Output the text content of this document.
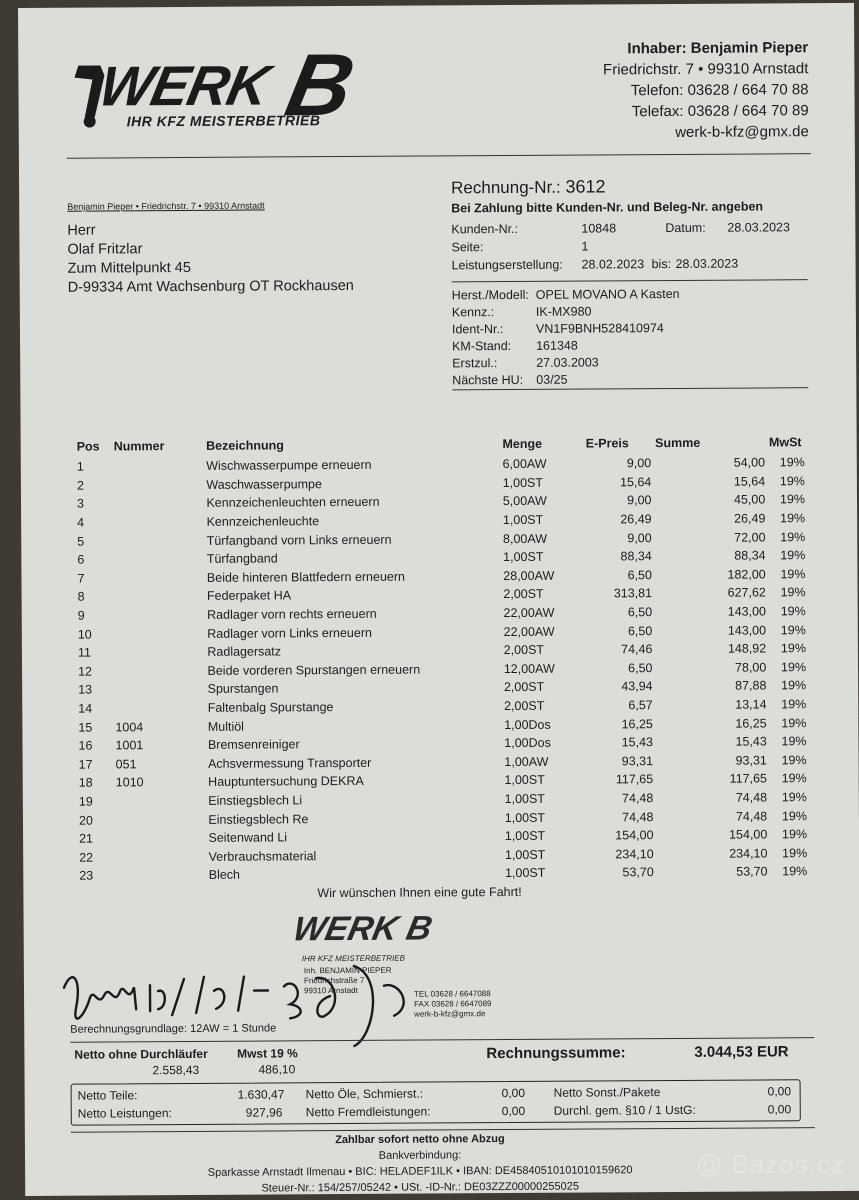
WERK B
IHR KFZ MEISTERBETRIEB
Inhaber: Benjamin Pieper
Friedrichstr. 7 • 99310 Arnstadt
Telefon: 03628 / 664 70 88
Telefax: 03628 / 664 70 89
werk-b-kfz@gmx.de
Benjamin Pieper • Friedrichstr. 7 • 99310 Arnstadt
Herr
Olaf Fritzlar
Zum Mittelpunkt 45
D-99334 Amt Wachsenburg OT Rockhausen
Rechnung-Nr.: 3612
Bei Zahlung bitte Kunden-Nr. und Beleg-Nr. angeben
Kunden-Nr.:	10848	Datum: 28.03.2023
Seite:	1
Leistungserstellung: 28.02.2023 bis: 28.03.2023
Herst./Modell: OPEL MOVANO A Kasten
Kennz.:	IK-MX980
Ident-Nr.:	VN1F9BNH528410974
KM-Stand: 161348
Erstzul.:	27.03.2003
Nächste HU: 03/25
Pos	Nummer	Bezeichnung	Menge	E-Preis	Summe	MwSt
1		Wischwasserpumpe erneuern	6,00AW	9,00	54,00	19%
2		Waschwasserpumpe	1,00ST	15,64	15,64	19%
3		Kennzeichenleuchten erneuern	5,00AW	9,00	45,00	19%
4		Kennzeichenleuchte	1,00ST	26,49	26,49	19%
5		Türfangband vorn Links erneuern	8,00AW	9,00	72,00	19%
6		Türfangband	1,00ST	88,34	88,34	19%
7		Beide hinteren Blattfedern erneuern	28,00AW	6,50	182,00	19%
8		Federpaket HA	2,00ST	313,81	627,62	19%
9		Radlager vorn rechts erneuern	22,00AW	6,50	143,00	19%
10		Radlager vorn Links erneuern	22,00AW	6,50	143,00	19%
11		Radlagersatz	2,00ST	74,46	148,92	19%
12		Beide vorderen Spurstangen erneuern	12,00AW	6,50	78,00	19%
13		Spurstangen	2,00ST	43,94	87,88	19%
14		Faltenbalg Spurstange	2,00ST	6,57	13,14	19%
15	1004	Multiöl	1,00Dos	16,25	16,25	19%
16	1001	Bremsenreiniger	1,00Dos	15,43	15,43	19%
17	051	Achsvermessung Transporter	1,00AW	93,31	93,31	19%
18	1010	Hauptuntersuchung DEKRA	1,00ST	117,65	117,65	19%
19		Einstiegsblech Li	1,00ST	74,48	74,48	19%
20		Einstiegsblech Re	1,00ST	74,48	74,48	19%
21		Seitenwand Li	1,00ST	154,00	154,00	19%
22		Verbrauchsmaterial	1,00ST	234,10	234,10	19%
23		Blech	1,00ST	53,70	53,70	19%
Wir wünschen Ihnen eine gute Fahrt!
WERK B
IHR KFZ MEISTERBETRIEB
Inh. BENJAMIN PIEPER
Friedrichstraße 7
99310 Arnstadt	TEL 03628 / 6647088
FAX 03628 / 6647089
werk-b-kfz@gmx.de
Berechnungsgrundlage: 12AW = 1 Stunde
Netto ohne Durchläufer Mwst 19 %
2.558,43	486,10
Rechnungssumme:	3.044,53 EUR
Netto Teile:	1.630,47
Netto Leistungen:	927,96
Netto Öle, Schmierst.:	0,00
Netto Fremdleistungen:	0,00
Netto Sonst./Pakete	0,00
Durchl. gem. §10 / 1 UstG:	0,00
Zahlbar sofort netto ohne Abzug
Bankverbindung:
Sparkasse Arnstadt Ilmenau • BIC: HELADEF1ILK • IBAN: DE4584051010101015962​0
Steuer-Nr.: 154/257/05242 • USt. -ID-Nr.: DE03ZZZ00000255025
@ Bazos.cz
